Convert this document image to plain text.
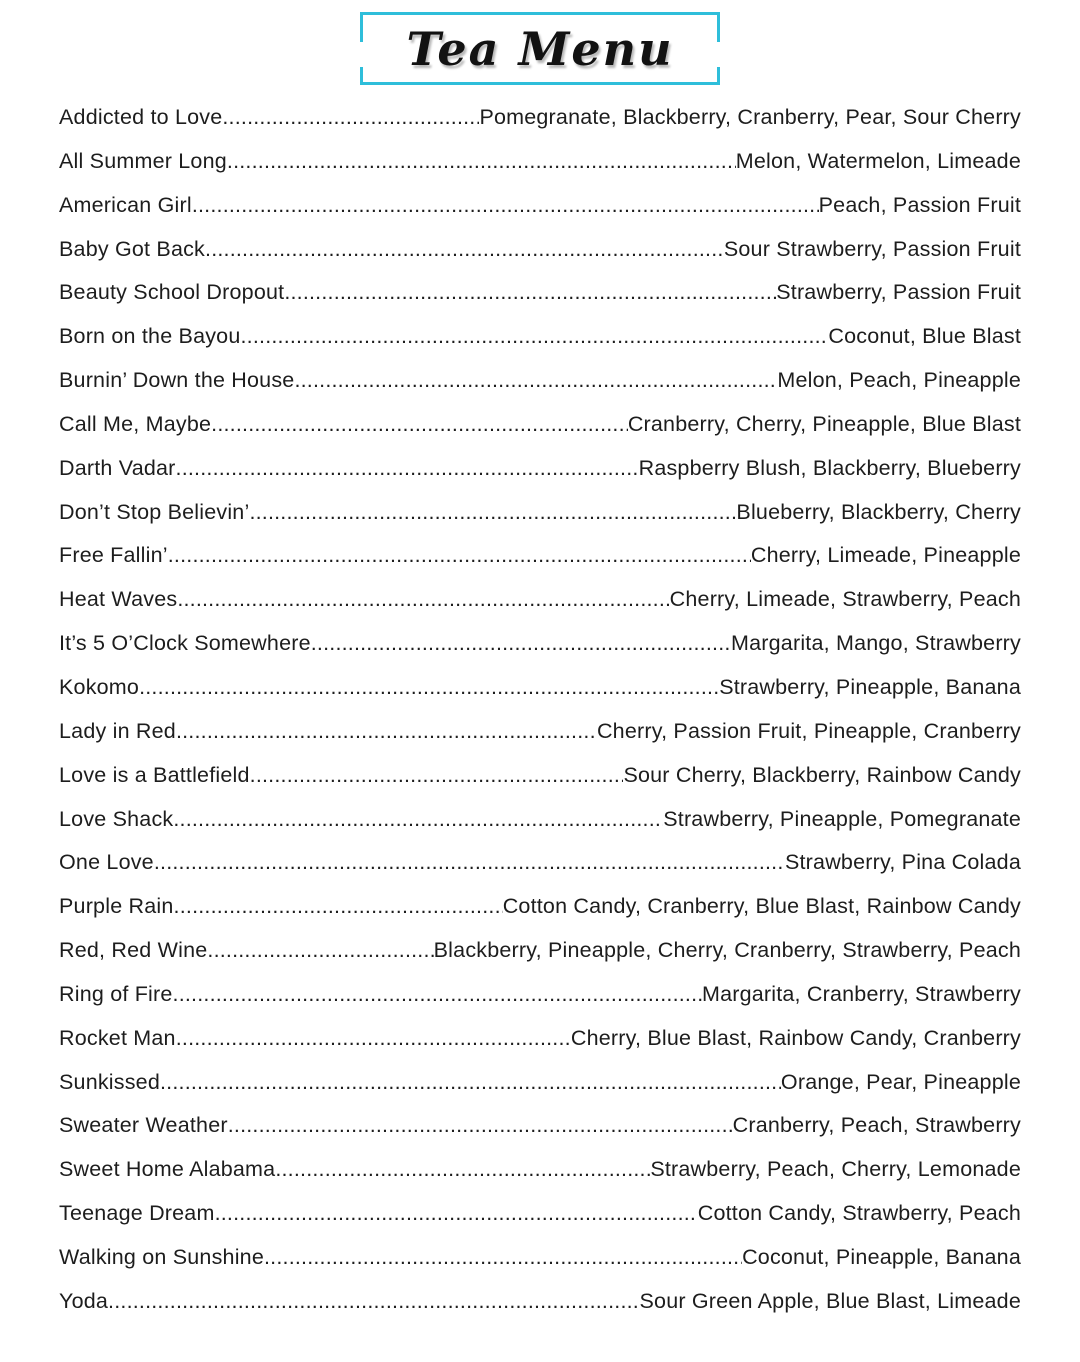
Tea Menu
Addicted to Love .....	Pomegranate, Blackberry, Cranberry, Pear, Sour Cherry
All Summer Long .....	Melon, Watermelon, Limeade
American Girl .....	Peach, Passion Fruit
Baby Got Back .....	Sour Strawberry, Passion Fruit
Beauty School Dropout .....	Strawberry, Passion Fruit
Born on the Bayou .....	Coconut, Blue Blast
Burnin’ Down the House .....	Melon, Peach, Pineapple
Call Me, Maybe .....	Cranberry, Cherry, Pineapple, Blue Blast
Darth Vadar .....	Raspberry Blush, Blackberry, Blueberry
Don’t Stop Believin’ .....	Blueberry, Blackberry, Cherry
Free Fallin’ .....	Cherry, Limeade, Pineapple
Heat Waves .....	Cherry, Limeade, Strawberry, Peach
It’s 5 O’Clock Somewhere .....	Margarita, Mango, Strawberry
Kokomo .....	Strawberry, Pineapple, Banana
Lady in Red .....	Cherry, Passion Fruit, Pineapple, Cranberry
Love is a Battlefield .....	Sour Cherry, Blackberry, Rainbow Candy
Love Shack .....	Strawberry, Pineapple, Pomegranate
One Love .....	Strawberry, Pina Colada
Purple Rain .....	Cotton Candy, Cranberry, Blue Blast, Rainbow Candy
Red, Red Wine .....	Blackberry, Pineapple, Cherry, Cranberry, Strawberry, Peach
Ring of Fire .....	Margarita, Cranberry, Strawberry
Rocket Man .....	Cherry, Blue Blast, Rainbow Candy, Cranberry
Sunkissed .....	Orange, Pear, Pineapple
Sweater Weather .....	Cranberry, Peach, Strawberry
Sweet Home Alabama .....	Strawberry, Peach, Cherry, Lemonade
Teenage Dream .....	Cotton Candy, Strawberry, Peach
Walking on Sunshine .....	Coconut, Pineapple, Banana
Yoda .....	Sour Green Apple, Blue Blast, Limeade
